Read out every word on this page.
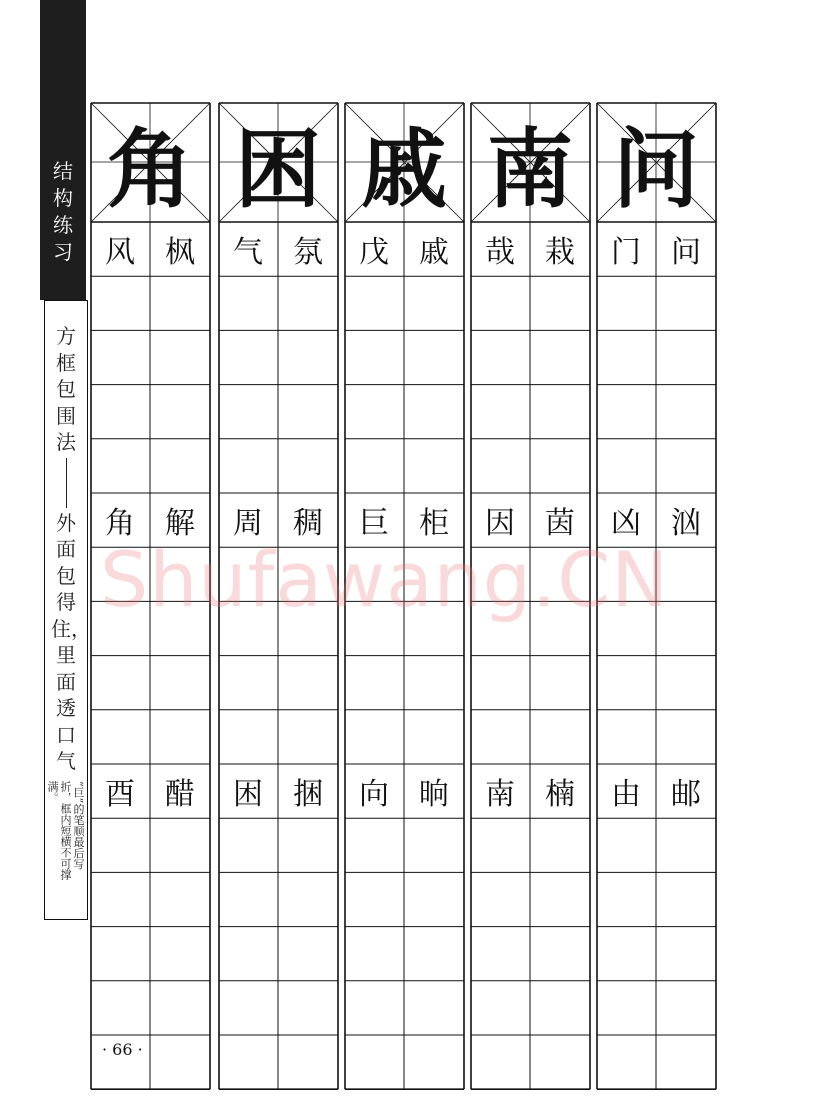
结构练习
方框包围法
外面包得住，里面透口气
“巨”的笔顺最后写折，框内短横不可撑满。
角
风	枫
角	解
酉	醋
困
气	氛
周	稠
困	捆
戚
戊	戚
巨	柜
向	晌
南
哉	栽
因	茵
南	楠
问
门	问
凶	汹
由	邮
Shufawang.CN
· 66 ·
